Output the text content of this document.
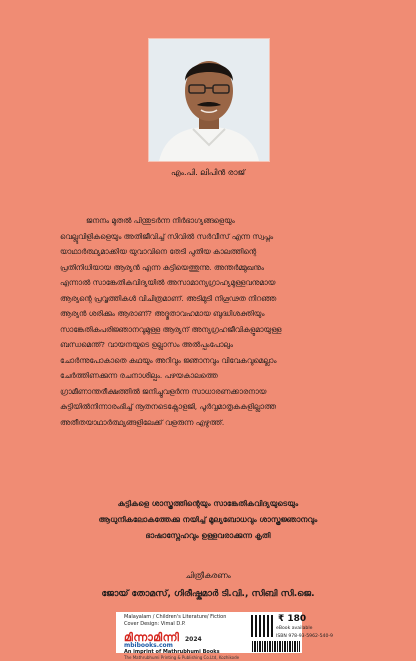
എം.പി. ലിപിൻ രാജ്

ജനനം മുതൽ പിന്തുടർന്ന നിർഭാഗ്യങ്ങളെയും

വെല്ലുവിളികളെയും അതിജീവിച്ച് സിവിൽ സർവീസ് എന്ന സ്വപ്നം

യാഥാർത്ഥ്യമാക്കിയ യുവാവിനെ തേടി പുതിയ കാലത്തിന്റെ

പ്രതിനിധിയായ ആര്യൻ എന്ന കുട്ടിയെത്തുന്നു. അന്തർമ്മുഖനും

എന്നാൽ സാങ്കേതികവിദ്യയിൽ അസാമാന്യഗ്രാഹ്യമുള്ളവനുമായ

ആര്യന്റെ പ്രവൃത്തികൾ വിചിത്രമാണ്. അടിമുടി നിഗൂഢത നിറഞ്ഞ

ആര്യൻ ശരിക്കും ആരാണ്? അദ്ഭുതാവഹമായ ബുദ്ധിശക്തിയും

സാങ്കേതികപരിജ്ഞാനവുമുള്ള ആര്യന് അന്യഗ്രഹജീവികളുമായുള്ള

ബന്ധമെന്ത്? വായനയുടെ ഉല്ലാസം അൽപ്പംപോലും

ചോർന്നുപോകാതെ കഥയും അറിവും ജ്ഞാനവും വിവേകവുമെല്ലാം

ചേർത്തിണക്കുന്ന രചനാശില്പം. പഴയകാലത്തെ

ഗ്രാമീണാന്തരീക്ഷത്തിൽ ജനിച്ചുവളർന്ന സാധാരണക്കാരനായ

കുട്ടിയിൽനിന്നാരംഭിച്ച് നൂതനടെക്നോളജി, പൂർവ്വമാതൃകകളില്ലാത്ത

അതീതയാഥാർത്ഥ്യങ്ങളിലേക്ക് വളരുന്ന എഴുത്ത്.

കുട്ടികളെ ശാസ്ത്രത്തിന്റെയും സാങ്കേതികവിദ്യയുടെയും

ആധുനികലോകത്തേക്കു നയിച്ച് മൂല്യബോധവും ശാസ്ത്രജ്ഞാനവും

ഭാഷാസ്നേഹവും ഉള്ളവരാക്കുന്ന കൃതി

ചിത്രീകരണം
ജോയ് തോമസ്, ഗിരീഷ്കുമാർ ടി.വി., സിബി സി.ജെ.
Malayalam / Children's Literature/ Fiction
Cover Design: Vimal D.P.
മിന്നാമിന്നി 2024
mbibooks.com
An imprint of Mathrubhumi Books
The Mathrubhumi Printing & Publishing Co.Ltd, Kozhikode
₹ 180
eBook available
ISBN 978-93-5962-540-9
